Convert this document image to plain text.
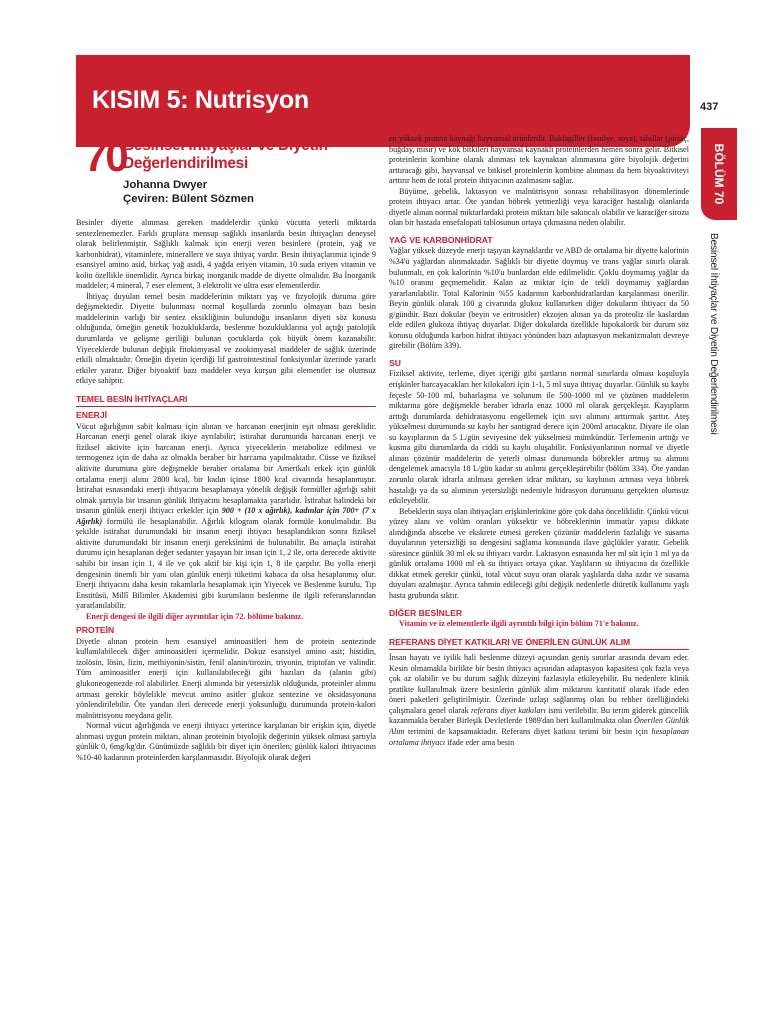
KISIM 5: Nutrisyon	437
BÖLÜM 70
Besinsel İhtiyaçlar ve Diyetin Değerlendirilmesi
70
Besinsel İhtiyaçlar ve Diyetin Değerlendirilmesi
Johanna Dwyer
Çeviren: Bülent Sözmen

Besinler diyette alınması gereken maddelerdir çünkü vücutta yeterli miktarda sentezlenemezler. Farklı gruplara mensup sağlıklı insanlarda besin ihtiyaçları deneysel olarak belirlenmiştir. Sağlıklı kalmak için enerji veren besinlere (protein, yağ ve karbonhidrat), vitaminlere, minerallere ve suya ihtiyaç vardır. Besin ihtiyaçlarımız içinde 9 esansiyel amino asid, birkaç yağ asidi, 4 yağda eriyen vitamin, 10 suda eriyen vitamin ve kolin özellikle önemlidir. Ayrıca birkaç inorganik madde de diyette olmalıdır. Bu İnorganik maddeler; 4 mineral, 7 eser element, 3 elektrolit ve ultra eser elementlerdir.

İhtiyaç duyulan temel besin maddelerinin miktarı yaş ve fizyolojik duruma göre değişmektedir. Diyette bulunması normal koşullarda zorunlu olmayan bazı besin maddelerinin varlığı bir sentez eksikliğinin bulunduğu insanların diyeti söz konusu olduğunda, örneğin genetik bozukluklarda, beslenme bozukluklarına yol açtığı patolojik durumlarda ve gelişme geriliği bulunan çocuklarda çok büyük önem kazanabilir. Yiyeceklerde bulunan değişik fitokimyasal ve zookimyasal maddeler de sağlık üzerinde etkili olmaktadır. Örneğin diyetin içerdiği lif gastrointestinal fonksiyonlar üzerinde yararlı etkiler yaratır. Diğer biyoaktif bazı maddeler veya kurşun gibi elementler ise olumsuz etkiye sahiptir.

TEMEL BESİN İHTİYAÇLARI
ENERJİ

Vücut ağırlığının sabit kalması için alınan ve harcanan enerjinin eşit olması gereklidir. Harcanan enerji genel olarak ikiye ayrılabilir; istirahat durumunda harcanan enerji ve fiziksel aktivite için harcanan enerji. Ayrıca yiyeceklerin metabolize edilmesi ve termogenez için de daha az olmakla beraber bir harcama yapılmaktadır. Cüsse ve fiziksel aktivite durumuna göre değişmekle beraber ortalama bir Amerikalı erkek için günlük ortalama enerji alımı 2800 kcal, bir kadın içinse 1800 kcal civarında hesaplanmıştır. İstirahat esnasındaki enerji ihtiyacını hesaplamaya yönelik değişik formüller ağırlığı sabit olmak şartıyla bir insanın günlük ihtiyacını hesaplamakta yararlıdır. İstirahat halindeki bir insanın günlük enerji ihtiyacı erkekler için 900 + (10 x ağırlık), kadınlar için 700+ (7 x Ağırlık) formülü ile hesaplanabilir. Ağırlık kilogram olarak formüle konulmalıdır. Bu şekilde istirahat durumundaki bir insanın enerji ihtiyacı hesaplandıktan sonra fiziksel aktivite durumundaki bir insanın enerji gereksinimi de bulunabilir. Bu amaçla istirahat durumu için hesaplanan değer sedanter yaşayan bir insan için 1, 2 ile, orta derecede aktivite sahibi bir insan için 1, 4 ile ve çok aktif bir kişi için 1, 8 ile çarpılır. Bu yolla enerji dengesinin önemli bir yanı olan günlük enerji tüketimi kabaca da olsa hesaplanmış olur. Enerji ihtiyacını daha kesin rakamlarla hesaplamak için Yiyecek ve Beslenme kurulu, Tıp Enstitüsü, Millî Bilimler Akademisi gibi kurumların beslenme ile ilgili referanslarından yararlanılabilir.

Enerji dengesi ile ilgili diğer ayrıntılar için 72. bölüme bakınız.

PROTEİN

Diyetle alınan protein hem esansiyel aminoasitleri hem de protein sentezinde kullanılabilecek diğer aminoasitleri içermelidir. Dokuz esansiyel amino asit; histidin, izolösin, lösin, lizin, methiyonin/sistin, fenil alanin/tirozin, triyonin, triptofan ve valindir. Tüm aminoasitler enerji için kullanılabileceği gibi bazıları da (alanin gibi) glukoneogenezde rol alabilirler. Enerji alımında bir yetersizlik olduğunda, proteinler alınmı artması gerekir böylelikle mevcut amino asitler glukoz sentezine ve oksidasyonuna yönlendirilebilir. Öte yandan ileri derecede enerji yoksunluğu durumunda protein-kalori malnütrisyonu meydana gelir.

Normal vücut ağırlığında ve enerji ihtiyacı yeterince karşılanan bir erişkin için, diyetle alınması uygun protein miktarı, alınan proteinin biyolojik değerinin yüksek olması şartıyla günlük 0, 6mg/kg'dır. Günümüzde sağlıklı bir diyet için önerilen; günlük kalori ihtiyacının %10-40 kadarının proteinlerden karşılanmasıdır. Biyolojik olarak değeri

en yüksek protein kaynağı hayvansal ürünlerdir. Baklagiller (fasulye, soya), tahıllar (pirinç, buğday, mısır) ve kök bitkileri hayvansal kaynaklı proteinlerden hemen sonra gelir. Bitkisel proteinlerin kombine olarak alınması tek kaynaktan alınmasına göre biyolojik değerini arttıracağı gibi, hayvansal ve bitkisel proteinlerin kombine alınması da hem biyoaktiviteyi arttırır hem de total protein ihtiyacının azalmasını sağlar.

Büyüme, gebelik, laktasyon ve malnütrisyon sonrası rehabilitasyon dönemlerinde protein ihtiyacı artar. Öte yandan böbrek yetmezliği veya karaciğer hastalığı olanlarda diyetle alınan normal miktarlardaki protein miktarı bile sakıncalı olabilir ve karaciğer sirozu olan bir hastada ensefalopati tablosunun ortaya çıkmasına neden olabilir.

YAĞ VE KARBONHİDRAT

Yağlar yüksek düzeyde enerji taşıyan kaynaklardır ve ABD de ortalama bir diyette kalorinin %34'ü yağlardan alınmaktadır. Sağlıklı bir diyette doymuş ve trans yağlar sınırlı olarak bulunmalı, en çok kalorinin %10'u bunlardan elde edilmelidir. Çoklu doymamış yağlar da %10 oranını geçmemelidir. Kalan az miktar için de tekli doymamış yağlardan yararlanılabilir. Total Kalorinin %55 kadarının karbonhidratlardan karşılanması önerilir. Beyin günlük olarak 100 g civarında glukoz kullanırken diğer dokuların ihtiyacı da 50 g/gündür. Bazı dokular (beyin ve eritrositler) ekzojen alınan ya da proteoliz ile kaslardan elde edilen glukoza ihtiyaç duyarlar. Diğer dokularda özellikle hipokalorik bir durum söz konusu olduğunda karbon hidrat ihtiyacı yönünden bazı adaptasyon mekanizmaları devreye girebilir (Bölüm 339).

SU

Fiziksel aktivite, terleme, diyet içeriği gibi şartların normal sınırlarda olması koşuluyla erişkinler harcayacakları her kilokalori için 1-1, 5 ml suya ihtiyaç duyarlar. Günlük su kaybı feçesle 50-100 ml, buharlaşma ve solunum ile 500-1000 ml ve çözünen maddelerin miktarına göre değişmekle beraber idrarla enaz 1000 ml olarak gerçekleşir. Kayıpların arttığı durumlarda dehidratasyonu engellemek için sıvı alımını arttırmak şarttır. Ateş yükselmesi durumunda su kaybı her santigrad derece için 200ml artacaktır. Diyare ile olan su kayıplarının da 5 L/gün seviyesine dek yükselmesi mümkündür. Terlemenin arttığı ve kusma gibi durumlarda da ciddi su kaybı oluşabilir. Fonksiyonlarının normal ve diyetle alınan çözünür maddelerin de yeterli olması durumunda böbrekler artmış su alımını dengelemek amacıyla 18 L/gün kadar su atılımı gerçekleştirebilir (bölüm 334). Öte yandan zorunlu olarak idrarla atılması gereken idrar miktarı, su kaybının artması veya böbrek hastalığı ya da su alımının yetersizliği nedeniyle hidrasyon durumunu gerçekten olumsuz etkileyebilir.

Bebeklerin suya olan ihtiyaçları erişkinlerinkine göre çok daha önceliklidir. Çünkü vücut yüzey alanı ve volüm oranları yüksektir ve böbreklerinin immatür yapısı dikkate alındığında absorbe ve ekskrete etmesi gereken çözünür maddelerin fazlalığı ve susama duyularının yetersizliği su dengesini sağlama konusunda ilave güçlükler yaratır. Gebelik süresince günlük 30 ml ek su ihtiyacı vardır. Laktasyon esnasında her ml süt için 1 ml ya da günlük ortalama 1000 ml ek su ihtiyacı ortaya çıkar. Yaşlıların su ihtiyacına da özellikle dikkat etmek gerekir çünkü, total vücut suyu oran olarak yaşlılarda daha azdır ve susama duyuları azalmıştır. Ayrıca tahmin edileceği gibi değişik nedenlerle diüretik kullanımı yaşlı hasta grubunda sıktır.

DİĞER BESİNLER

Vitamin ve iz elementlerle ilgili ayrıntılı bilgi için bölüm 71'e bakınız.

REFERANS DİYET KATKILARI VE ÖNERİLEN GÜNLÜK ALIM

İnsan hayatı ve iyilik hali beslenme düzeyi açısından geniş sınırlar arasında devam eder. Kesin olmamakla birlikte bir besin ihtiyacı açısından adaptasyon kapasitesi çok fazla veya çok az olabilir ve bu durum sağlık düzeyini fazlasıyla etkileyebilir. Bu nedenlere klinik pratikte kullanılmak üzere besinlerin günlük alım miktarını kantitatif olarak ifade eden öneri paketleri geliştirilmiştir. Üzerinde uzlaşı sağlanmış olan bu rehber özelliğindeki çalışmalara genel olarak referans diyet katkıları ismi verilebilir. Bu terim giderek güncellik kazanmakla beraber Birleşik Devletlerde 1989'dan beri kullanılmakta olan Önerilen Günlük Alım terimini de kapsamaktadır. Referans diyet katkısı terimi bir besin için hesaplanan ortalama ihtiyacı ifade eder ama besin
